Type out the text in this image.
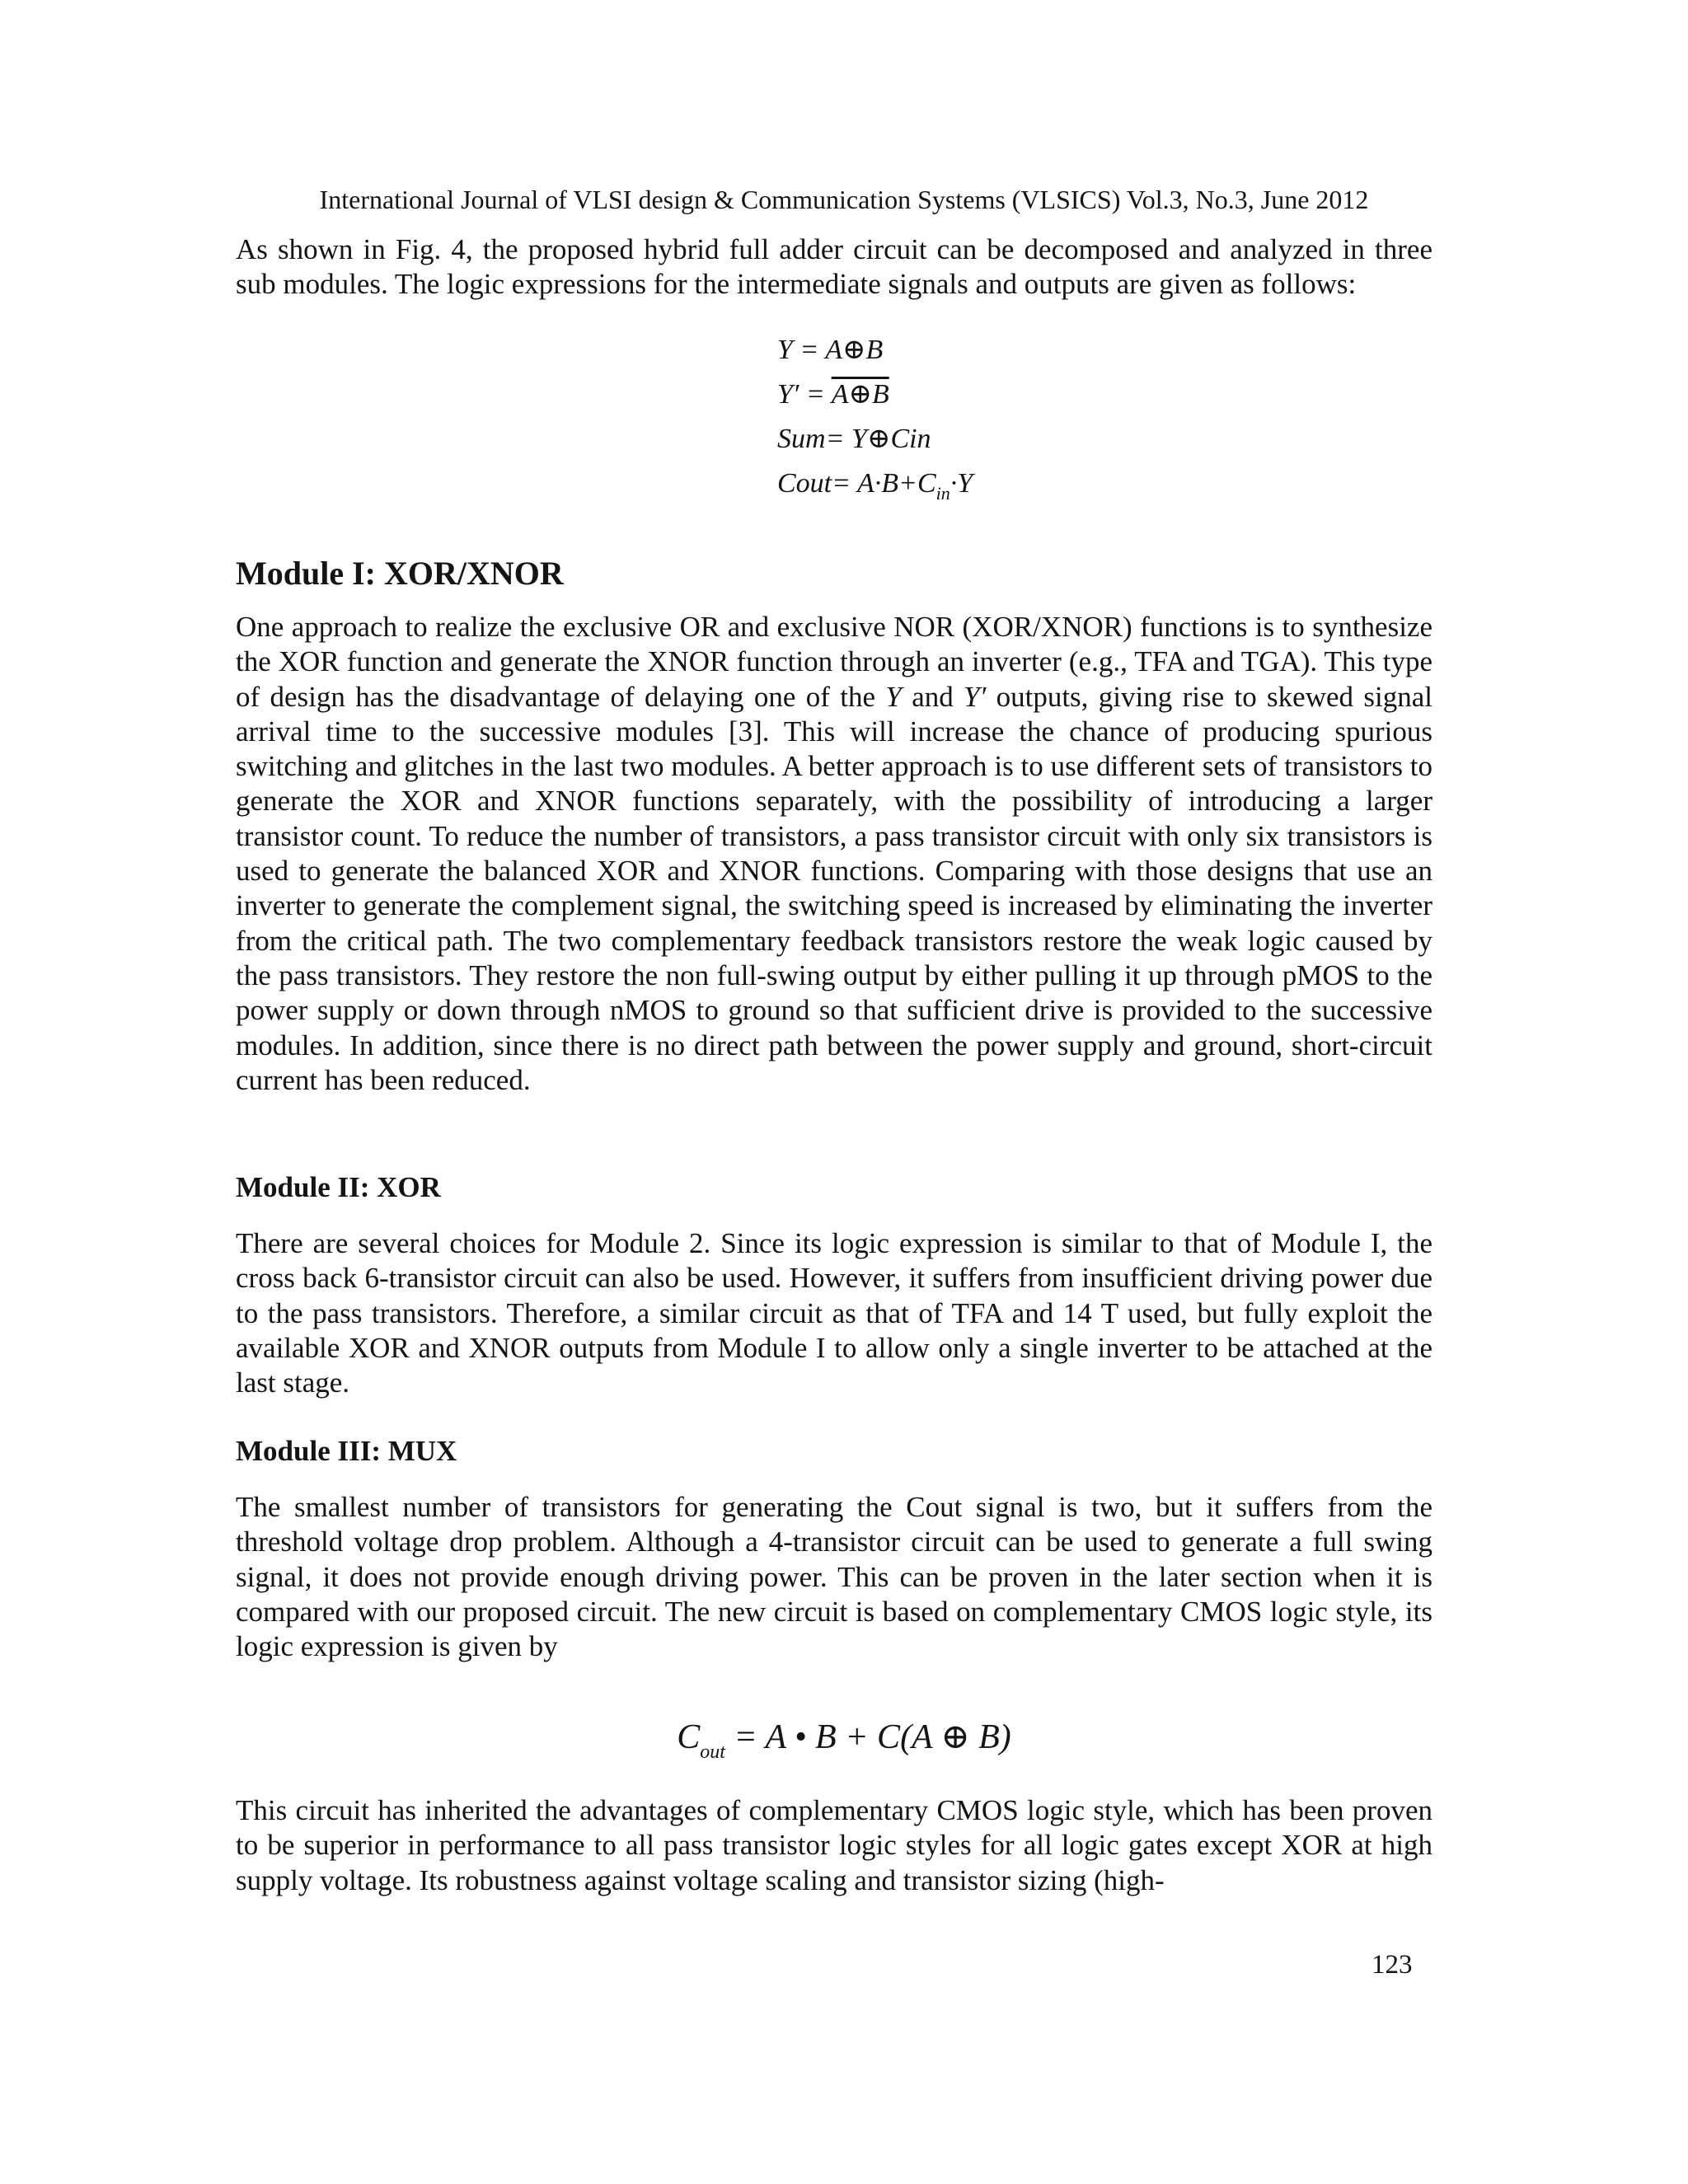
International Journal of VLSI design & Communication Systems (VLSICS) Vol.3, No.3, June 2012

As shown in Fig. 4, the proposed hybrid full adder circuit can be decomposed and analyzed in three sub modules. The logic expressions for the intermediate signals and outputs are given as follows:

Y = A⊕B
Y′ = A⊕B
Sum= Y⊕Cin
Cout= $A\cdot B+C_{in}\cdot Y$
Module I: XOR/XNOR

One approach to realize the exclusive OR and exclusive NOR (XOR/XNOR) functions is to synthesize the XOR function and generate the XNOR function through an inverter (e.g., TFA and TGA). This type of design has the disadvantage of delaying one of the Y and Y′ outputs, giving rise to skewed signal arrival time to the successive modules [3]. This will increase the chance of producing spurious switching and glitches in the last two modules. A better approach is to use different sets of transistors to generate the XOR and XNOR functions separately, with the possibility of introducing a larger transistor count. To reduce the number of transistors, a pass transistor circuit with only six transistors is used to generate the balanced XOR and XNOR functions. Comparing with those designs that use an inverter to generate the complement signal, the switching speed is increased by eliminating the inverter from the critical path. The two complementary feedback transistors restore the weak logic caused by the pass transistors. They restore the non full-swing output by either pulling it up through pMOS to the power supply or down through nMOS to ground so that sufficient drive is provided to the successive modules. In addition, since there is no direct path between the power supply and ground, short-circuit current has been reduced.

Module II: XOR

There are several choices for Module 2. Since its logic expression is similar to that of Module I, the cross back 6-transistor circuit can also be used. However, it suffers from insufficient driving power due to the pass transistors. Therefore, a similar circuit as that of TFA and 14 T used, but fully exploit the available XOR and XNOR outputs from Module I to allow only a single inverter to be attached at the last stage.

Module III: MUX

The smallest number of transistors for generating the Cout signal is two, but it suffers from the threshold voltage drop problem. Although a 4-transistor circuit can be used to generate a full swing signal, it does not provide enough driving power. This can be proven in the later section when it is compared with our proposed circuit. The new circuit is based on complementary CMOS logic style, its logic expression is given by

$C_{out} = A$ • B + C(A ⊕ B)

This circuit has inherited the advantages of complementary CMOS logic style, which has been proven to be superior in performance to all pass transistor logic styles for all logic gates except XOR at high supply voltage. Its robustness against voltage scaling and transistor sizing (high-

123
